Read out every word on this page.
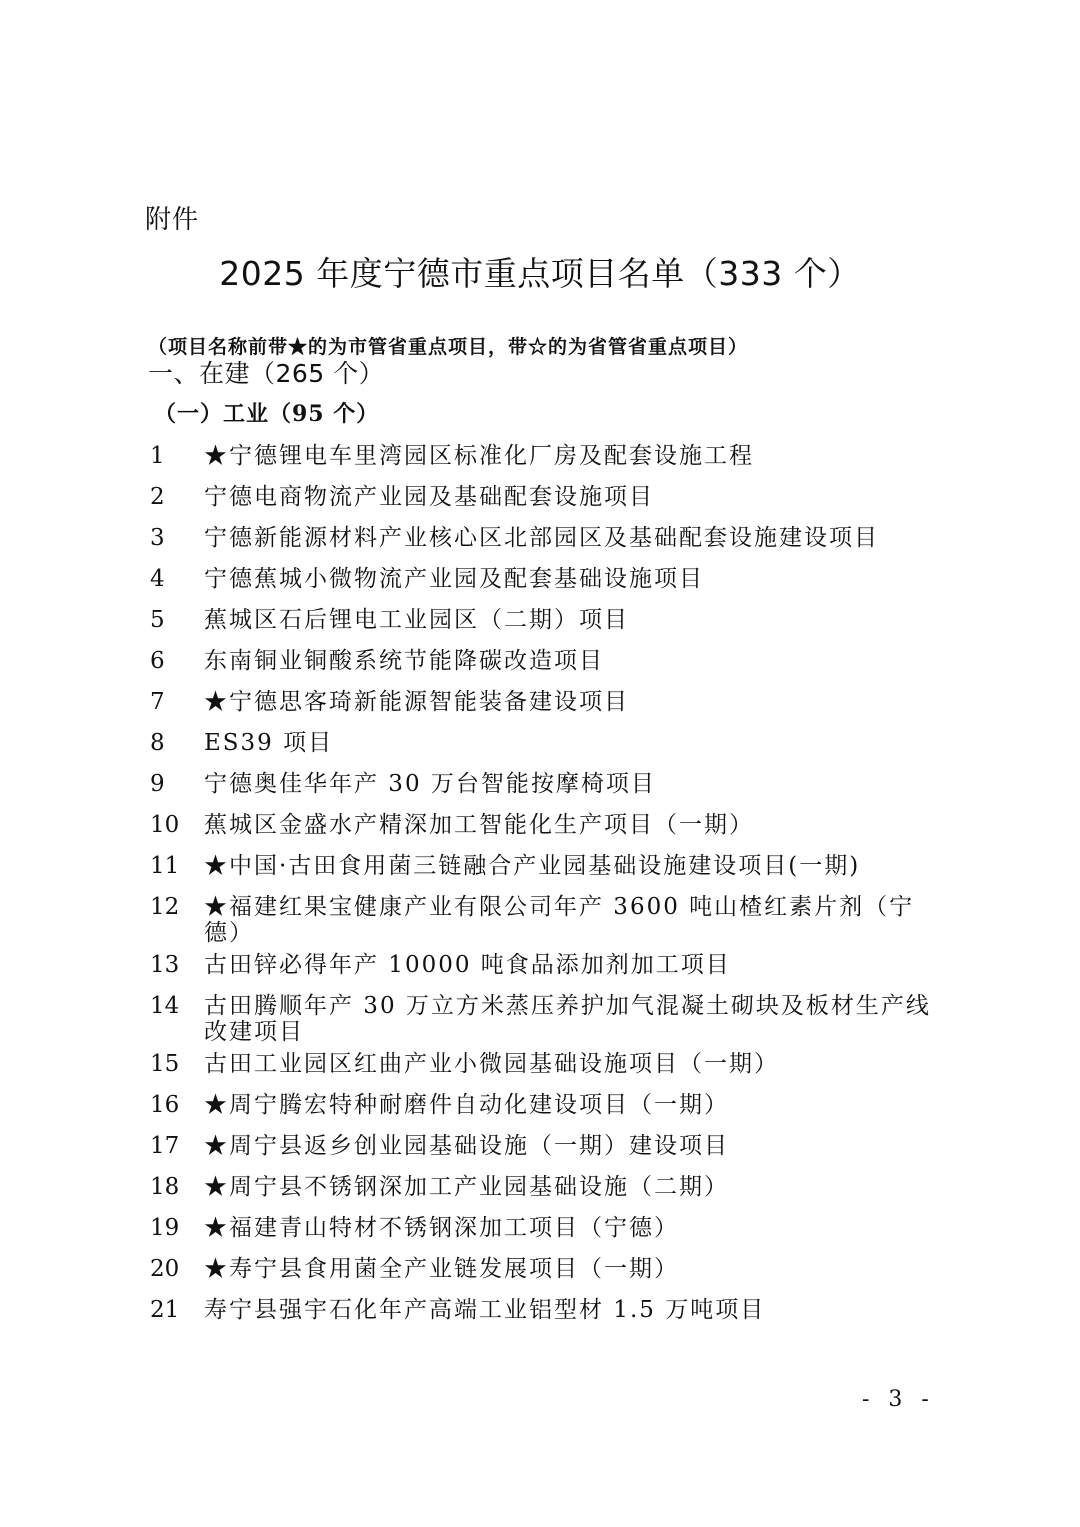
附件
2025 年度宁德市重点项目名单（333 个）
（项目名称前带★的为市管省重点项目，带☆的为省管省重点项目）
一、在建（265 个）
（一）工业（95 个）
1	★宁德锂电车里湾园区标准化厂房及配套设施工程
2	宁德电商物流产业园及基础配套设施项目
3	宁德新能源材料产业核心区北部园区及基础配套设施建设项目
4	宁德蕉城小微物流产业园及配套基础设施项目
5	蕉城区石后锂电工业园区（二期）项目
6	东南铜业铜酸系统节能降碳改造项目
7	★宁德思客琦新能源智能装备建设项目
8	ES39 项目
9	宁德奥佳华年产 30 万台智能按摩椅项目
10	蕉城区金盛水产精深加工智能化生产项目（一期）
11	★中国·古田食用菌三链融合产业园基础设施建设项目(一期)
12	★福建红果宝健康产业有限公司年产 3600 吨山楂红素片剂（宁德）
13	古田锌必得年产 10000 吨食品添加剂加工项目
14	古田腾顺年产 30 万立方米蒸压养护加气混凝土砌块及板材生产线改建项目
15	古田工业园区红曲产业小微园基础设施项目（一期）
16	★周宁腾宏特种耐磨件自动化建设项目（一期）
17	★周宁县返乡创业园基础设施（一期）建设项目
18	★周宁县不锈钢深加工产业园基础设施（二期）
19	★福建青山特材不锈钢深加工项目（宁德）
20	★寿宁县食用菌全产业链发展项目（一期）
21	寿宁县强宇石化年产高端工业铝型材 1.5 万吨项目
- 3 -
